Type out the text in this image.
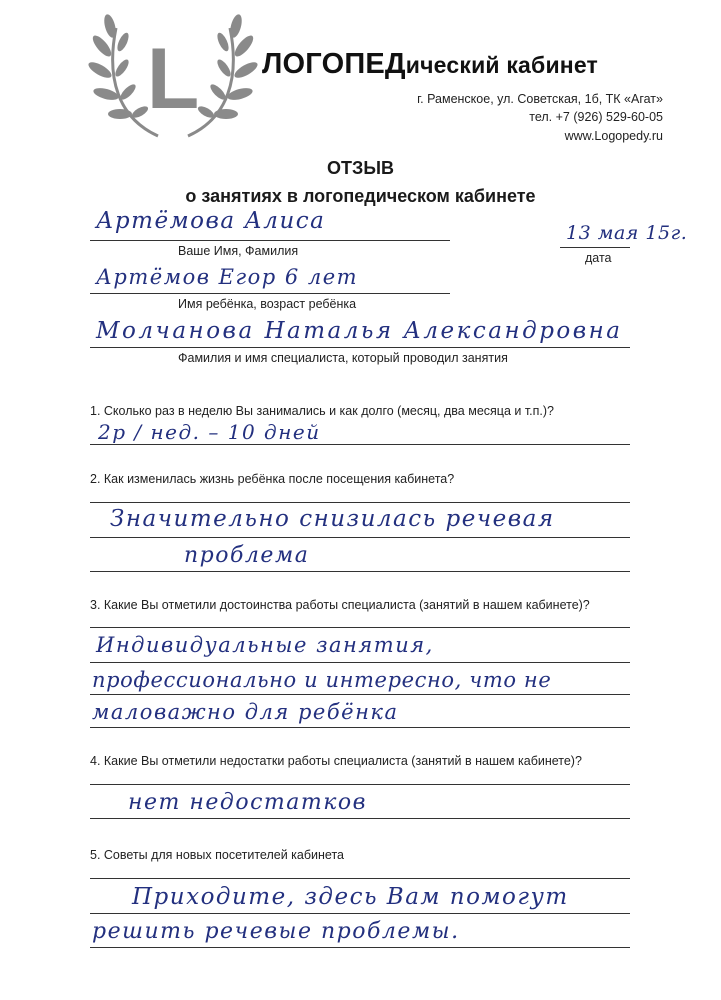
L ЛОГОПЕДический кабинет
г. Раменское, ул. Советская, 1б, ТК «Агат»
тел. +7 (926) 529-60-05
www.Logopedy.ru
ОТЗЫВ
о занятиях в логопедическом кабинете
Артёмова Алиса
Ваше Имя, Фамилия
13 мая 15г.
дата
Артёмов Егор 6 лет
Имя ребёнка, возраст ребёнка
Молчанова Наталья Александровна
Фамилия и имя специалиста, который проводил занятия
1. Сколько раз в неделю Вы занимались и как долго (месяц, два месяца и т.п.)?
2р / нед. – 10 дней
2. Как изменилась жизнь ребёнка после посещения кабинета?
Значительно снизилась речевая
проблема
3. Какие Вы отметили достоинства работы специалиста (занятий в нашем кабинете)?
Индивидуальные занятия,
профессионально и интересно, что не
маловажно для ребёнка
4. Какие Вы отметили недостатки работы специалиста (занятий в нашем кабинете)?
нет недостатков
5. Советы для новых посетителей кабинета
Приходите, здесь Вам помогут
решить речевые проблемы.
